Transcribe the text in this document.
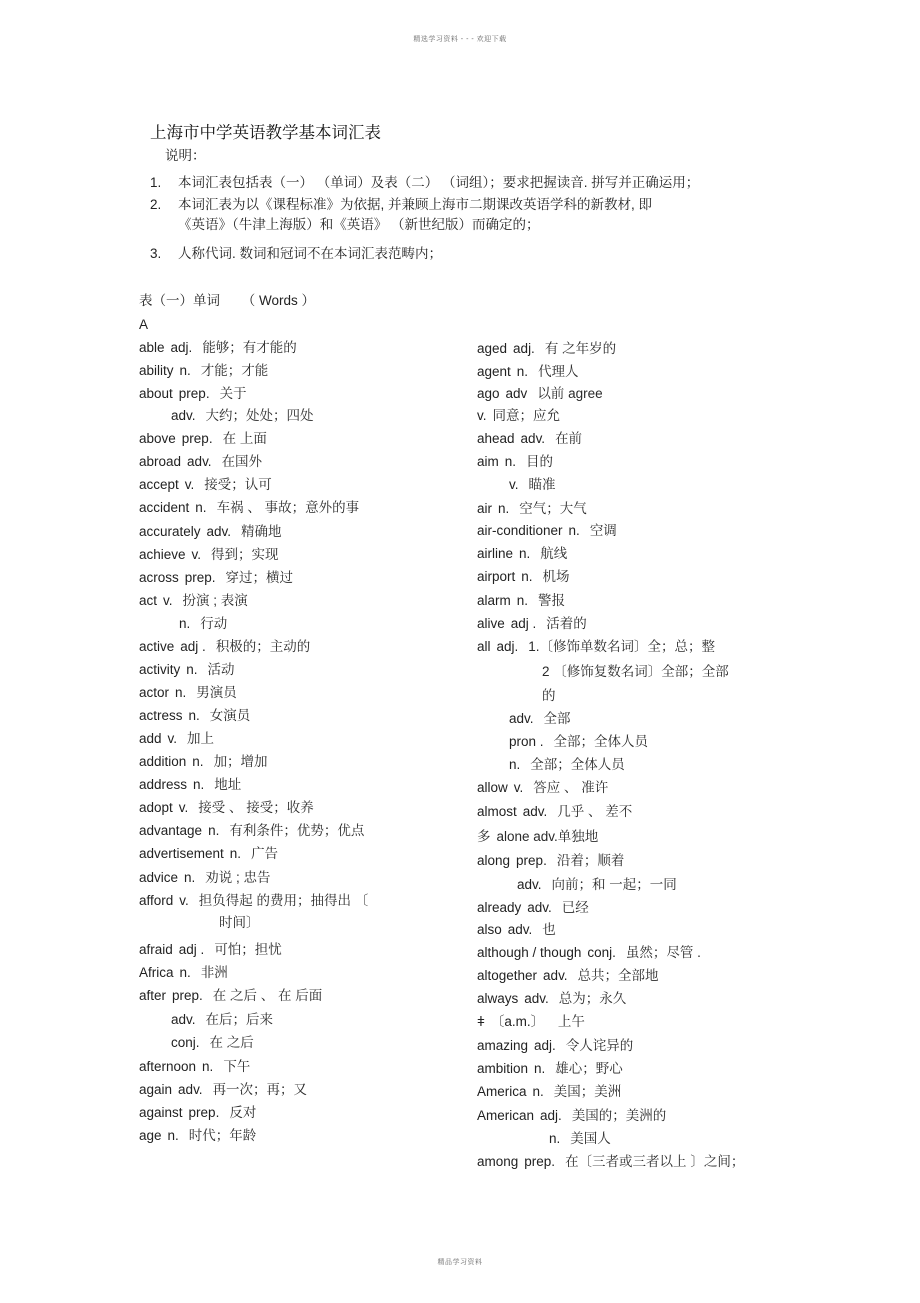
精选学习资料 - - - 欢迎下载
上海市中学英语教学基本词汇表
说明：
1. 本词汇表包括表（一） （单词）及表（二） （词组）；要求把握读音. 拼写并正确运用；
2. 本词汇表为以《课程标准》为依据, 并兼顾上海市二期课改英语学科的新教材, 即
《英语》（牛津上海版）和《英语》 （新世纪版）而确定的；
3. 人称代词. 数词和冠词不在本词汇表范畴内；
表（一）单词 （ Words ）
A
able adj. 能够；有才能的
ability n. 才能；才能
about prep. 关于
adv. 大约；处处；四处
above prep. 在 上面
abroad adv. 在国外
accept v. 接受；认可
accident n. 车祸 、 事故；意外的事
accurately adv. 精确地
achieve v. 得到；实现
across prep. 穿过；横过
act v. 扮演 ; 表演
n. 行动
active adj . 积极的；主动的
activity n. 活动
actor n. 男演员
actress n. 女演员
add v. 加上
addition n. 加；增加
address n. 地址
adopt v. 接受 、 接受；收养
advantage n. 有利条件；优势；优点
advertisement n. 广告
advice n. 劝说 ; 忠告
afford v. 担负得起 的费用；抽得出 〔
时间〕
afraid adj . 可怕；担忧
Africa n. 非洲
after prep. 在 之后 、 在 后面
adv. 在后；后来
conj. 在 之后
afternoon n. 下午
again adv. 再一次；再；又
against prep. 反对
age n. 时代；年龄
aged adj. 有 之年岁的
agent n. 代理人
ago adv 以前 agree
v. 同意；应允
ahead adv. 在前
aim n. 目的
v. 瞄准
air n. 空气；大气
air-conditioner n. 空调
airline n. 航线
airport n. 机场
alarm n. 警报
alive adj . 活着的
all adj. 1.〔修饰单数名词〕全；总；整
2 〔修饰复数名词〕全部；全部
的
adv. 全部
pron . 全部；全体人员
n. 全部；全体人员
allow v. 答应 、 准许
almost adv. 几乎 、 差不
多 alone adv.单独地
along prep. 沿着；顺着
adv. 向前；和 一起；一同
already adv. 已经
also adv. 也
although / though conj. 虽然；尽管 .
altogether adv. 总共；全部地
always adv. 总为；永久
ǂ 〔a.m.〕 上午
amazing adj. 令人诧异的
ambition n. 雄心；野心
America n. 美国；美洲
American adj. 美国的；美洲的
n. 美国人
among prep. 在〔三者或三者以上 〕之间；
精品学习资料
